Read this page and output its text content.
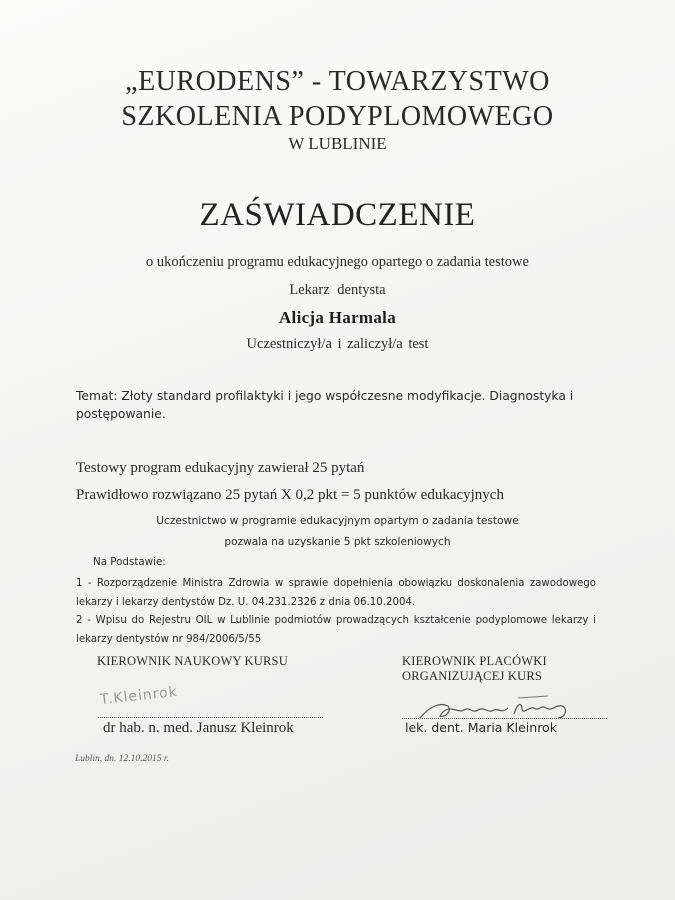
„EURODENS” - TOWARZYSTWO
SZKOLENIA PODYPLOMOWEGO
W LUBLINIE
ZAŚWIADCZENIE
o ukończeniu programu edukacyjnego opartego o zadania testowe
Lekarz dentysta
Alicja Harmala
Uczestniczył/a i zaliczył/a test
Temat: Złoty standard profilaktyki i jego współczesne modyfikacje. Diagnostyka i postępowanie.
Testowy program edukacyjny zawierał 25 pytań
Prawidłowo rozwiązano 25 pytań X 0,2 pkt = 5 punktów edukacyjnych
Uczestnictwo w programie edukacyjnym opartym o zadania testowe
pozwala na uzyskanie 5 pkt szkoleniowych
Na Podstawie:

1 - Rozporządzenie Ministra Zdrowia w sprawie dopełnienia obowiązku doskonalenia zawodowego lekarzy i lekarzy dentystów Dz. U. 04.231.2326 z dnia 06.10.2004.

2 - Wpisu do Rejestru OIL w Lublinie podmiotów prowadzących kształcenie podyplomowe lekarzy i lekarzy dentystów nr 984/2006/5/55

KIEROWNIK NAUKOWY KURSU	KIEROWNIK PLACÓWKI ORGANIZUJĄCEJ KURS
T.Kleinrok
dr hab. n. med. Janusz Kleinrok	lek. dent. Maria Kleinrok
Lublin, dn. 12.10.2015 r.
